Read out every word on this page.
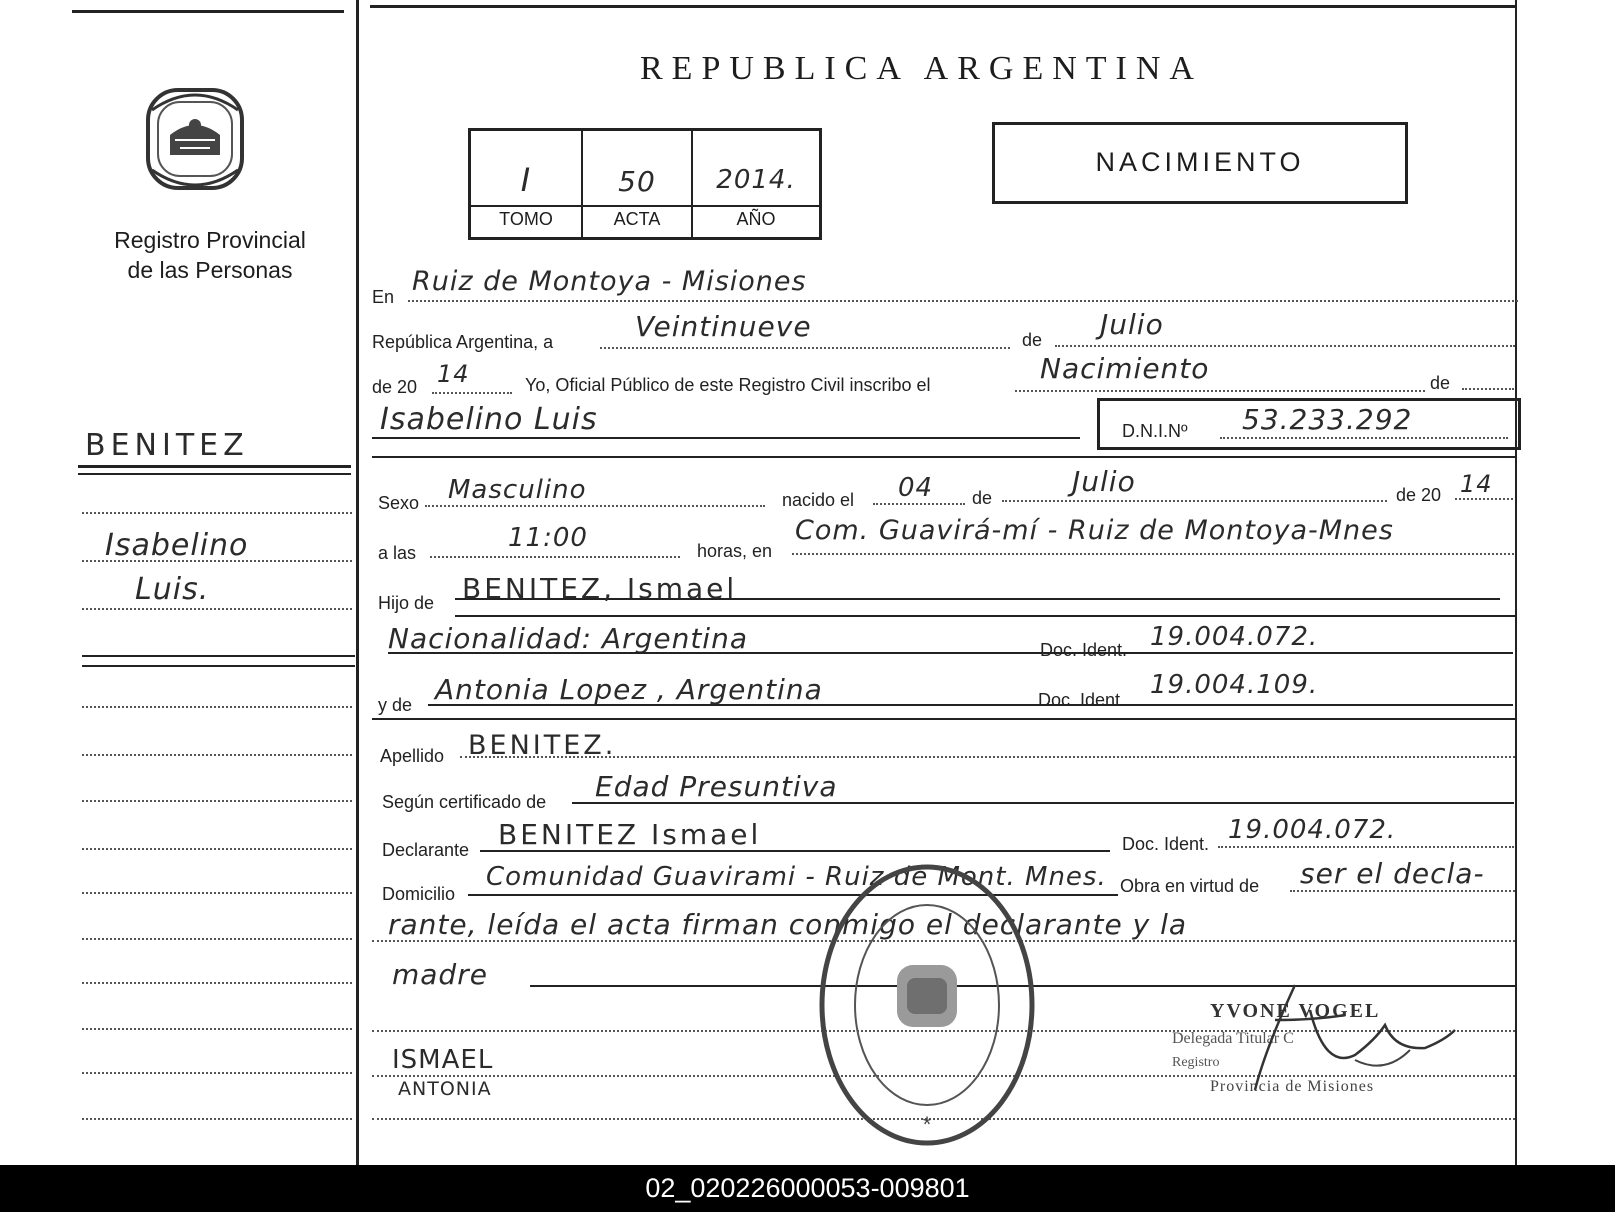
REPUBLICA ARGENTINA
Registro Provincial
de las Personas
I	50	2014.
TOMO	ACTA	AÑO
NACIMIENTO
BENITEZ
Isabelino
Luis.
ISMAEL
ANTONIA
En Ruiz de Montoya - Misiones
República Argentina, a	Veintinueve	de Julio
de 20 14	Yo, Oficial Público de este Registro Civil inscribo el	Nacimiento	de
Isabelino Luis	D.N.I.Nº 53.233.292
Sexo Masculino	nacido el 04 de	Julio	de 20 14
a las	11:00	horas, en
Com. Guavirá-mí - Ruiz de Montoya-Mnes
Hijo de BENITEZ, Ismael
Nacionalidad: Argentina	Doc. Ident. 19.004.072.
y de Antonia Lopez , Argentina	Doc. Ident. 19.004.109.
Apellido BENITEZ.
Según certificado de Edad Presuntiva
Declarante BENITEZ Ismael	Doc. Ident. 19.004.072.
Domicilio
Comunidad Guavirami - Ruiz de Mont. Mnes. Obra en virtud de ser el decla-
rante, leída el acta firman conmigo el declarante y la
madre
*
YVONE VOGEL
Delegada Titular C
Registro
Provincia de Misiones
02_020226000053-009801
